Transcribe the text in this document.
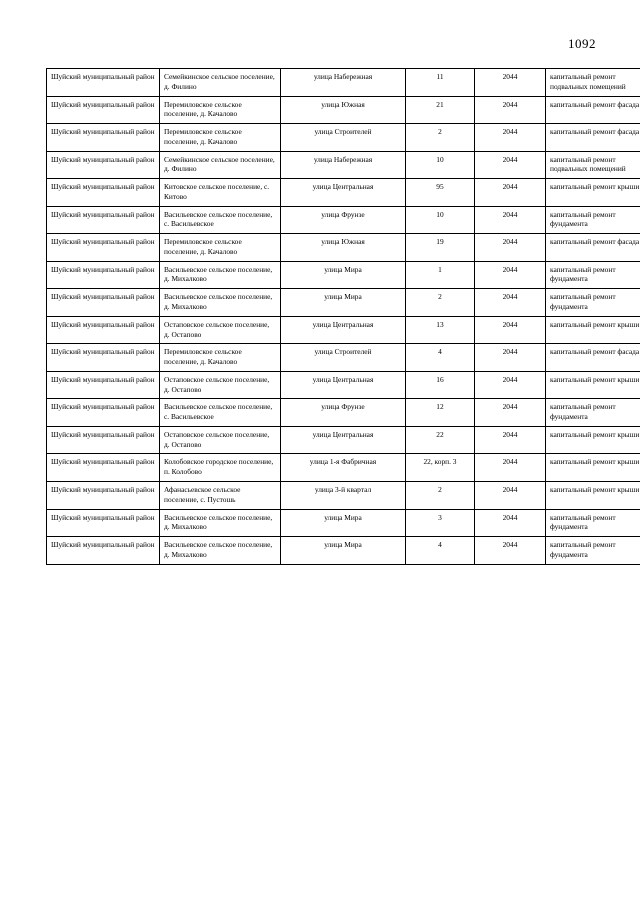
1092
Шуйский муниципальный район	Семейкинское сельское поселение, д. Филино	улица Набережная	11	2044	капитальный ремонт подвальных помещений
Шуйский муниципальный район	Перемиловское сельское поселение, д. Качалово	улица Южная	21	2044	капитальный ремонт фасада
Шуйский муниципальный район	Перемиловское сельское поселение, д. Качалово	улица Строителей	2	2044	капитальный ремонт фасада
Шуйский муниципальный район	Семейкинское сельское поселение, д. Филино	улица Набережная	10	2044	капитальный ремонт подвальных помещений
Шуйский муниципальный район	Китовское сельское поселение, с. Китово	улица Центральная	95	2044	капитальный ремонт крыши
Шуйский муниципальный район	Васильевское сельское поселение, с. Васильевское	улица Фрунзе	10	2044	капитальный ремонт фундамента
Шуйский муниципальный район	Перемиловское сельское поселение, д. Качалово	улица Южная	19	2044	капитальный ремонт фасада
Шуйский муниципальный район	Васильевское сельское поселение, д. Михалково	улица Мира	1	2044	капитальный ремонт фундамента
Шуйский муниципальный район	Васильевское сельское поселение, д. Михалково	улица Мира	2	2044	капитальный ремонт фундамента
Шуйский муниципальный район	Остаповское сельское поселение, д. Остапово	улица Центральная	13	2044	капитальный ремонт крыши
Шуйский муниципальный район	Перемиловское сельское поселение, д. Качалово	улица Строителей	4	2044	капитальный ремонт фасада
Шуйский муниципальный район	Остаповское сельское поселение, д. Остапово	улица Центральная	16	2044	капитальный ремонт крыши
Шуйский муниципальный район	Васильевское сельское поселение, с. Васильевское	улица Фрунзе	12	2044	капитальный ремонт фундамента
Шуйский муниципальный район	Остаповское сельское поселение, д. Остапово	улица Центральная	22	2044	капитальный ремонт крыши
Шуйский муниципальный район	Колобовское городское поселение, п. Колобово	улица 1-я Фабричная	22, корп. 3	2044	капитальный ремонт крыши
Шуйский муниципальный район	Афанасьевское сельское поселение, с. Пустошь	улица 3-й квартал	2	2044	капитальный ремонт крыши
Шуйский муниципальный район	Васильевское сельское поселение, д. Михалково	улица Мира	3	2044	капитальный ремонт фундамента
Шуйский муниципальный район	Васильевское сельское поселение, д. Михалково	улица Мира	4	2044	капитальный ремонт фундамента
